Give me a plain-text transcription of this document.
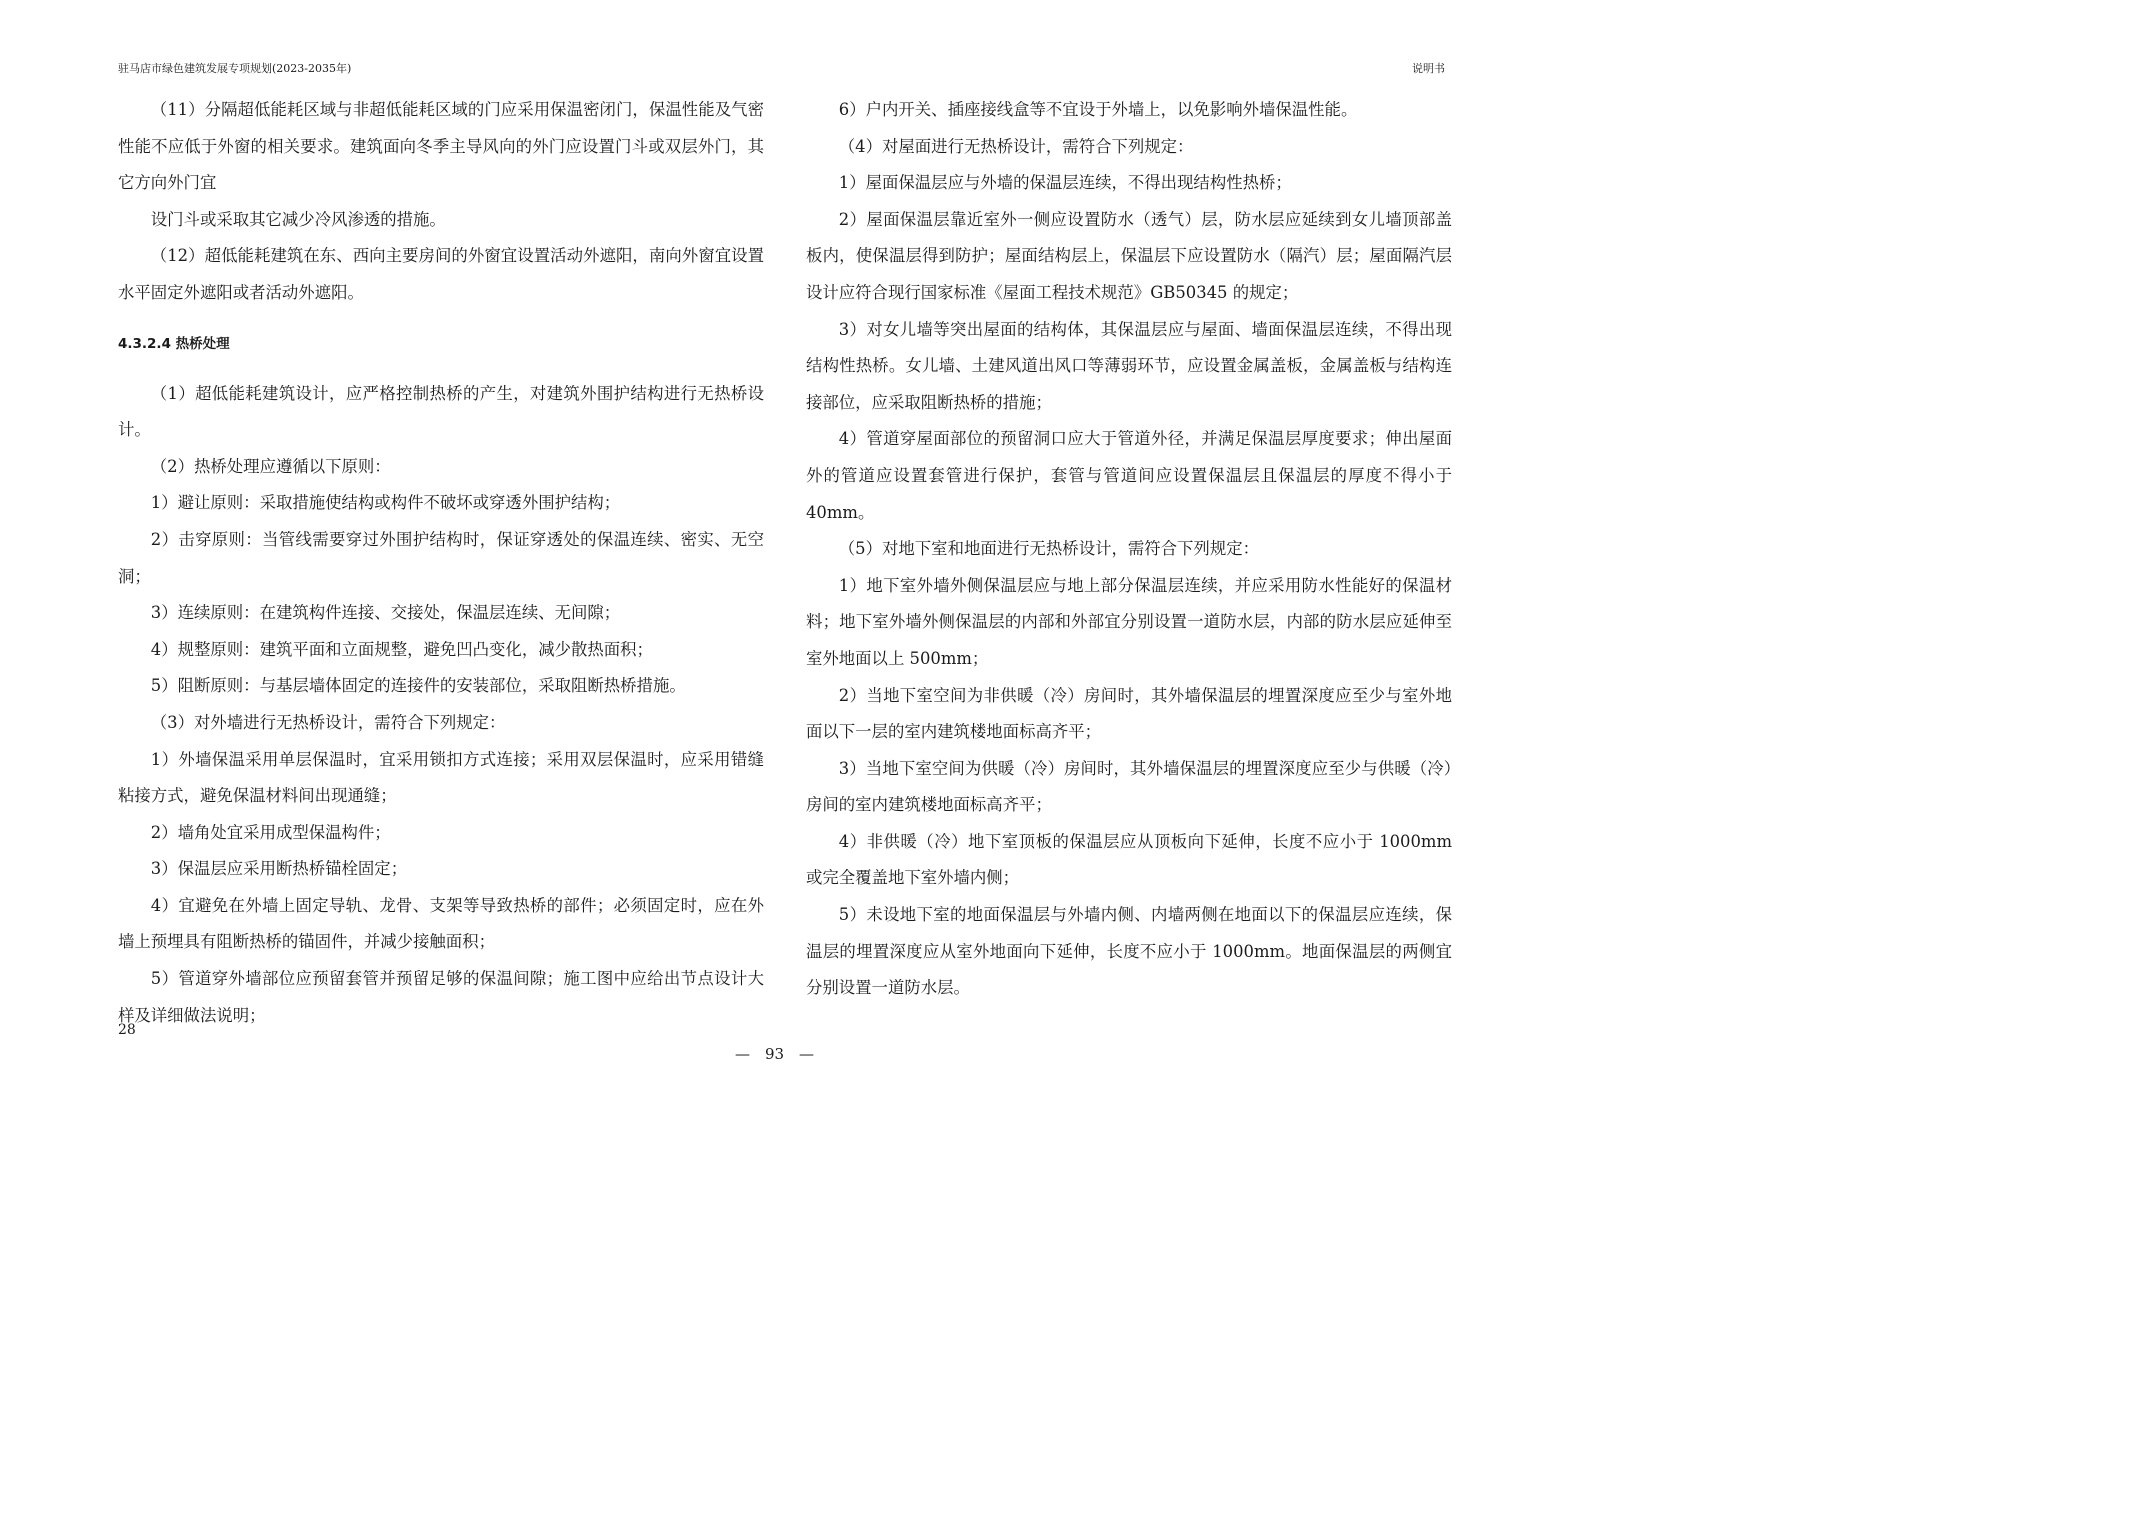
驻马店市绿色建筑发展专项规划(2023-2035年)	说明书

（11）分隔超低能耗区域与非超低能耗区域的门应采用保温密闭门，保温性能及气密性能不应低于外窗的相关要求。建筑面向冬季主导风向的外门应设置门斗或双层外门，其它方向外门宜

设门斗或采取其它减少冷风渗透的措施。

（12）超低能耗建筑在东、西向主要房间的外窗宜设置活动外遮阳，南向外窗宜设置水平固定外遮阳或者活动外遮阳。

4.3.2.4 热桥处理

（1）超低能耗建筑设计，应严格控制热桥的产生，对建筑外围护结构进行无热桥设计。

（2）热桥处理应遵循以下原则：

1）避让原则：采取措施使结构或构件不破坏或穿透外围护结构；

2）击穿原则：当管线需要穿过外围护结构时，保证穿透处的保温连续、密实、无空洞；

3）连续原则：在建筑构件连接、交接处，保温层连续、无间隙；

4）规整原则：建筑平面和立面规整，避免凹凸变化，减少散热面积；

5）阻断原则：与基层墙体固定的连接件的安装部位，采取阻断热桥措施。

（3）对外墙进行无热桥设计，需符合下列规定：

1）外墙保温采用单层保温时，宜采用锁扣方式连接；采用双层保温时，应采用错缝粘接方式，避免保温材料间出现通缝；

2）墙角处宜采用成型保温构件；

3）保温层应采用断热桥锚栓固定；

4）宜避免在外墙上固定导轨、龙骨、支架等导致热桥的部件；必须固定时，应在外墙上预埋具有阻断热桥的锚固件，并减少接触面积；

5）管道穿外墙部位应预留套管并预留足够的保温间隙；施工图中应给出节点设计大样及详细做法说明；

6）户内开关、插座接线盒等不宜设于外墙上，以免影响外墙保温性能。

（4）对屋面进行无热桥设计，需符合下列规定：

1）屋面保温层应与外墙的保温层连续，不得出现结构性热桥；

2）屋面保温层靠近室外一侧应设置防水（透气）层，防水层应延续到女儿墙顶部盖板内，使保温层得到防护；屋面结构层上，保温层下应设置防水（隔汽）层；屋面隔汽层设计应符合现行国家标准《屋面工程技术规范》GB50345 的规定；

3）对女儿墙等突出屋面的结构体，其保温层应与屋面、墙面保温层连续，不得出现结构性热桥。女儿墙、土建风道出风口等薄弱环节，应设置金属盖板，金属盖板与结构连接部位，应采取阻断热桥的措施；

4）管道穿屋面部位的预留洞口应大于管道外径，并满足保温层厚度要求；伸出屋面外的管道应设置套管进行保护，套管与管道间应设置保温层且保温层的厚度不得小于 40mm。

（5）对地下室和地面进行无热桥设计，需符合下列规定：

1）地下室外墙外侧保温层应与地上部分保温层连续，并应采用防水性能好的保温材料；地下室外墙外侧保温层的内部和外部宜分别设置一道防水层，内部的防水层应延伸至室外地面以上 500mm；

2）当地下室空间为非供暖（冷）房间时，其外墙保温层的埋置深度应至少与室外地面以下一层的室内建筑楼地面标高齐平；

3）当地下室空间为供暖（冷）房间时，其外墙保温层的埋置深度应至少与供暖（冷）房间的室内建筑楼地面标高齐平；

4）非供暖（冷）地下室顶板的保温层应从顶板向下延伸，长度不应小于 1000mm 或完全覆盖地下室外墙内侧；

5）未设地下室的地面保温层与外墙内侧、内墙两侧在地面以下的保温层应连续，保温层的埋置深度应从室外地面向下延伸，长度不应小于 1000mm。地面保温层的两侧宜分别设置一道防水层。

28
—　93　—
